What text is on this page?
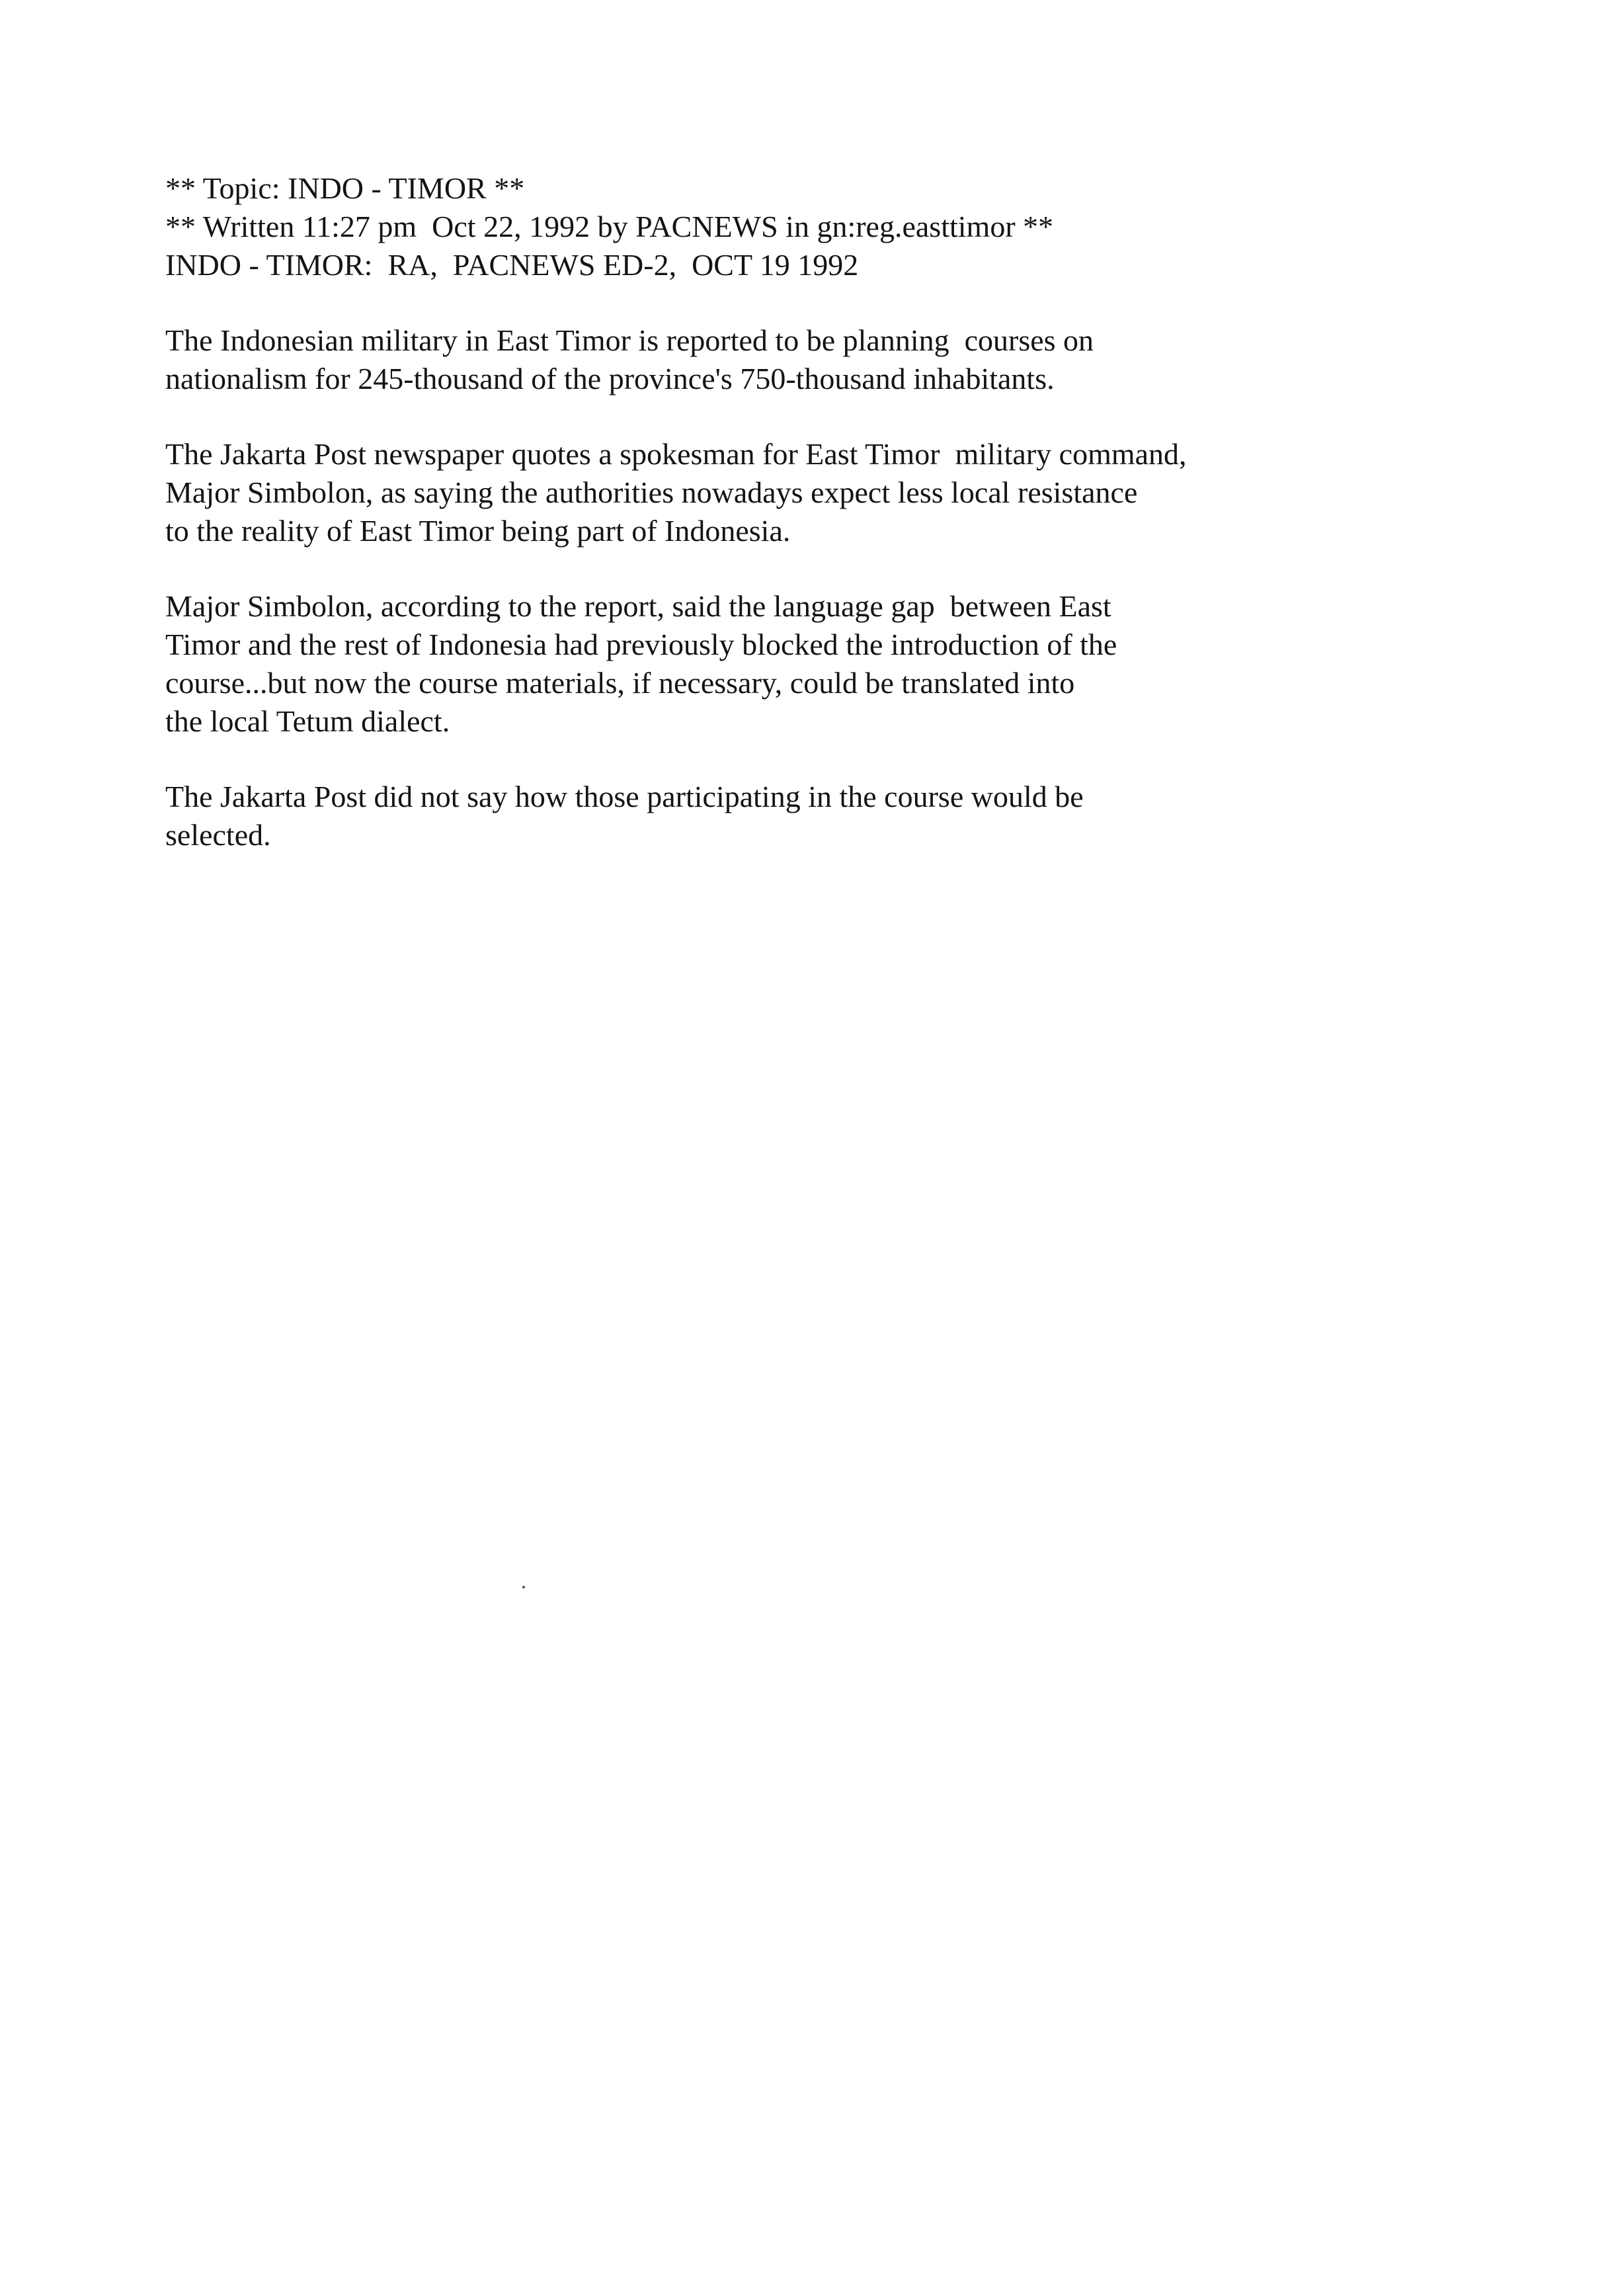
** Topic: INDO - TIMOR **
** Written 11:27 pm  Oct 22, 1992 by PACNEWS in gn:reg.easttimor **
INDO - TIMOR:  RA,  PACNEWS ED-2,  OCT 19 1992
The Indonesian military in East Timor is reported to be planning  courses on
nationalism for 245-thousand of the province's 750-thousand inhabitants.
The Jakarta Post newspaper quotes a spokesman for East Timor  military command,
Major Simbolon, as saying the authorities nowadays expect less local resistance
to the reality of East Timor being part of Indonesia.
Major Simbolon, according to the report, said the language gap  between East
Timor and the rest of Indonesia had previously blocked the introduction of the
course...but now the course materials, if necessary, could be translated into
the local Tetum dialect.
The Jakarta Post did not say how those participating in the course would be
selected.
